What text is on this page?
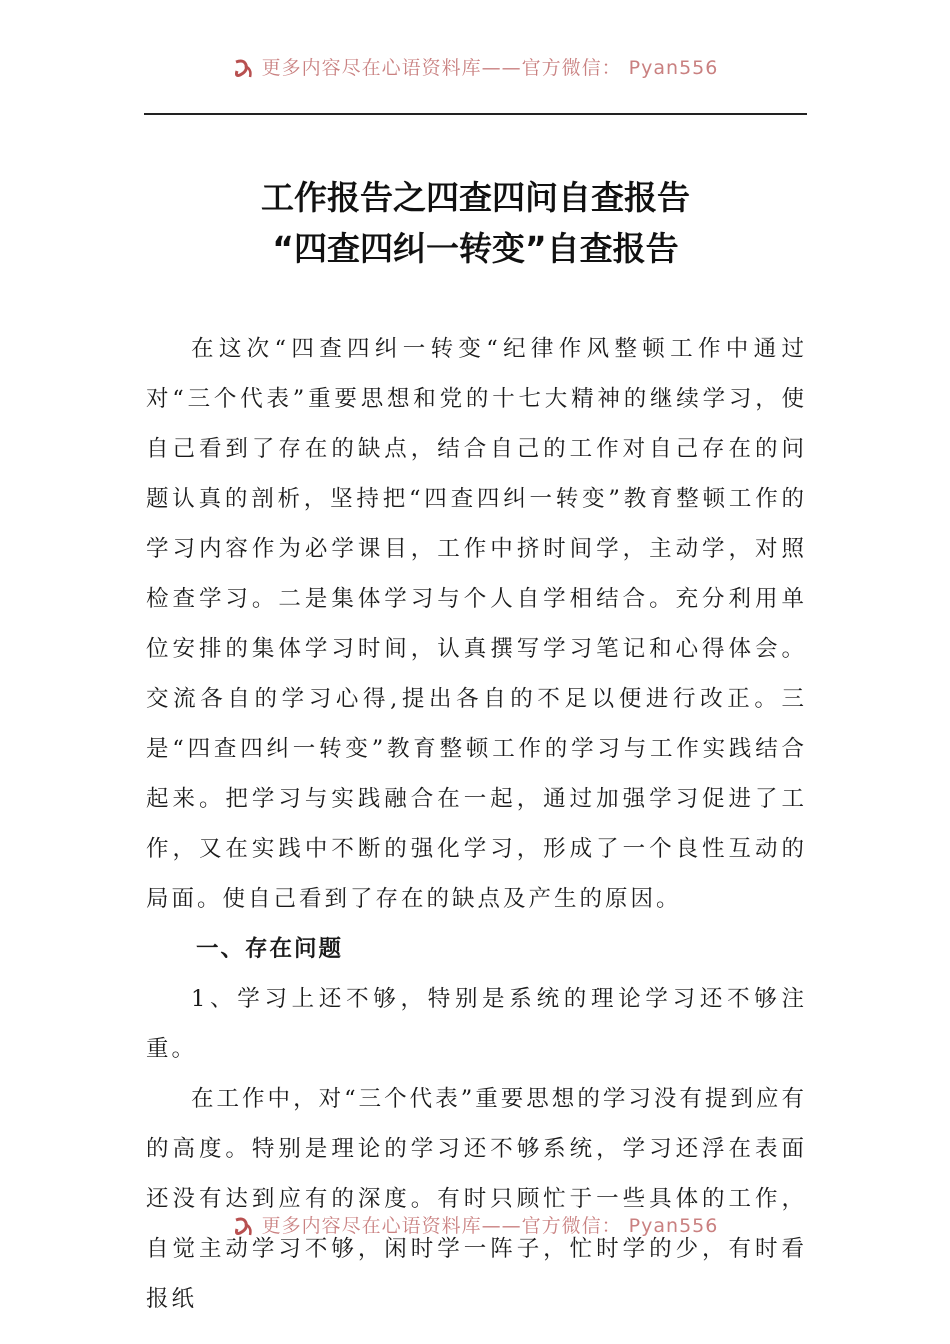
更多内容尽在心语资料库——官方微信： Pyan556
工作报告之四查四问自查报告
“四查四纠一转变”自查报告

在这次“四查四纠一转变“纪律作风整顿工作中通过对“三个代表”重要思想和党的十七大精神的继续学习，使自己看到了存在的缺点，结合自己的工作对自己存在的问题认真的剖析，坚持把“四查四纠一转变”教育整顿工作的学习内容作为必学课目，工作中挤时间学，主动学，对照检查学习。二是集体学习与个人自学相结合。充分利用单位安排的集体学习时间，认真撰写学习笔记和心得体会。交流各自的学习心得,提出各自的不足以便进行改正。三是“四查四纠一转变”教育整顿工作的学习与工作实践结合起来。把学习与实践融合在一起，通过加强学习促进了工作，又在实践中不断的强化学习，形成了一个良性互动的局面。使自己看到了存在的缺点及产生的原因。

一、存在问题

1、学习上还不够，特别是系统的理论学习还不够注重。

在工作中，对“三个代表”重要思想的学习没有提到应有的高度。特别是理论的学习还不够系统，学习还浮在表面还没有达到应有的深度。有时只顾忙于一些具体的工作，自觉主动学习不够，闲时学一阵子，忙时学的少，有时看报纸

更多内容尽在心语资料库——官方微信： Pyan556
